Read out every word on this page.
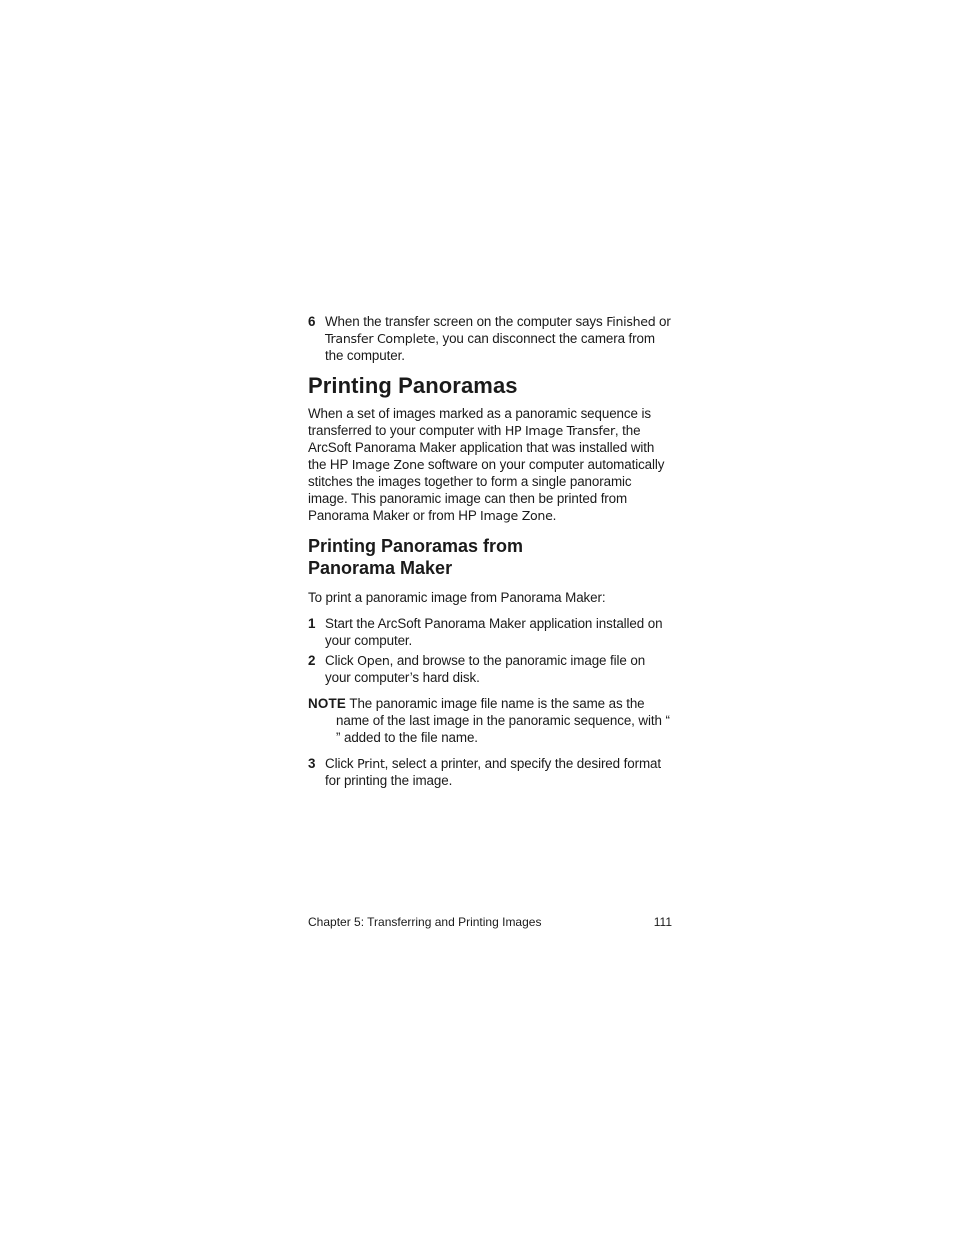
6 When the transfer screen on the computer says Finished or Transfer Complete, you can disconnect the camera from the computer.
Printing Panoramas
When a set of images marked as a panoramic sequence is transferred to your computer with HP Image Transfer, the ArcSoft Panorama Maker application that was installed with the HP Image Zone software on your computer automatically stitches the images together to form a single panoramic image. This panoramic image can then be printed from Panorama Maker or from HP Image Zone.
Printing Panoramas from
Panorama Maker
To print a panoramic image from Panorama Maker:
1 Start the ArcSoft Panorama Maker application installed on your computer.
2 Click Open, and browse to the panoramic image file on your computer’s hard disk.
NOTE The panoramic image file name is the same as the name of the last image in the panoramic sequence, with “ ” added to the file name.
3 Click Print, select a printer, and specify the desired format for printing the image.
Chapter 5: Transferring and Printing Images	111
